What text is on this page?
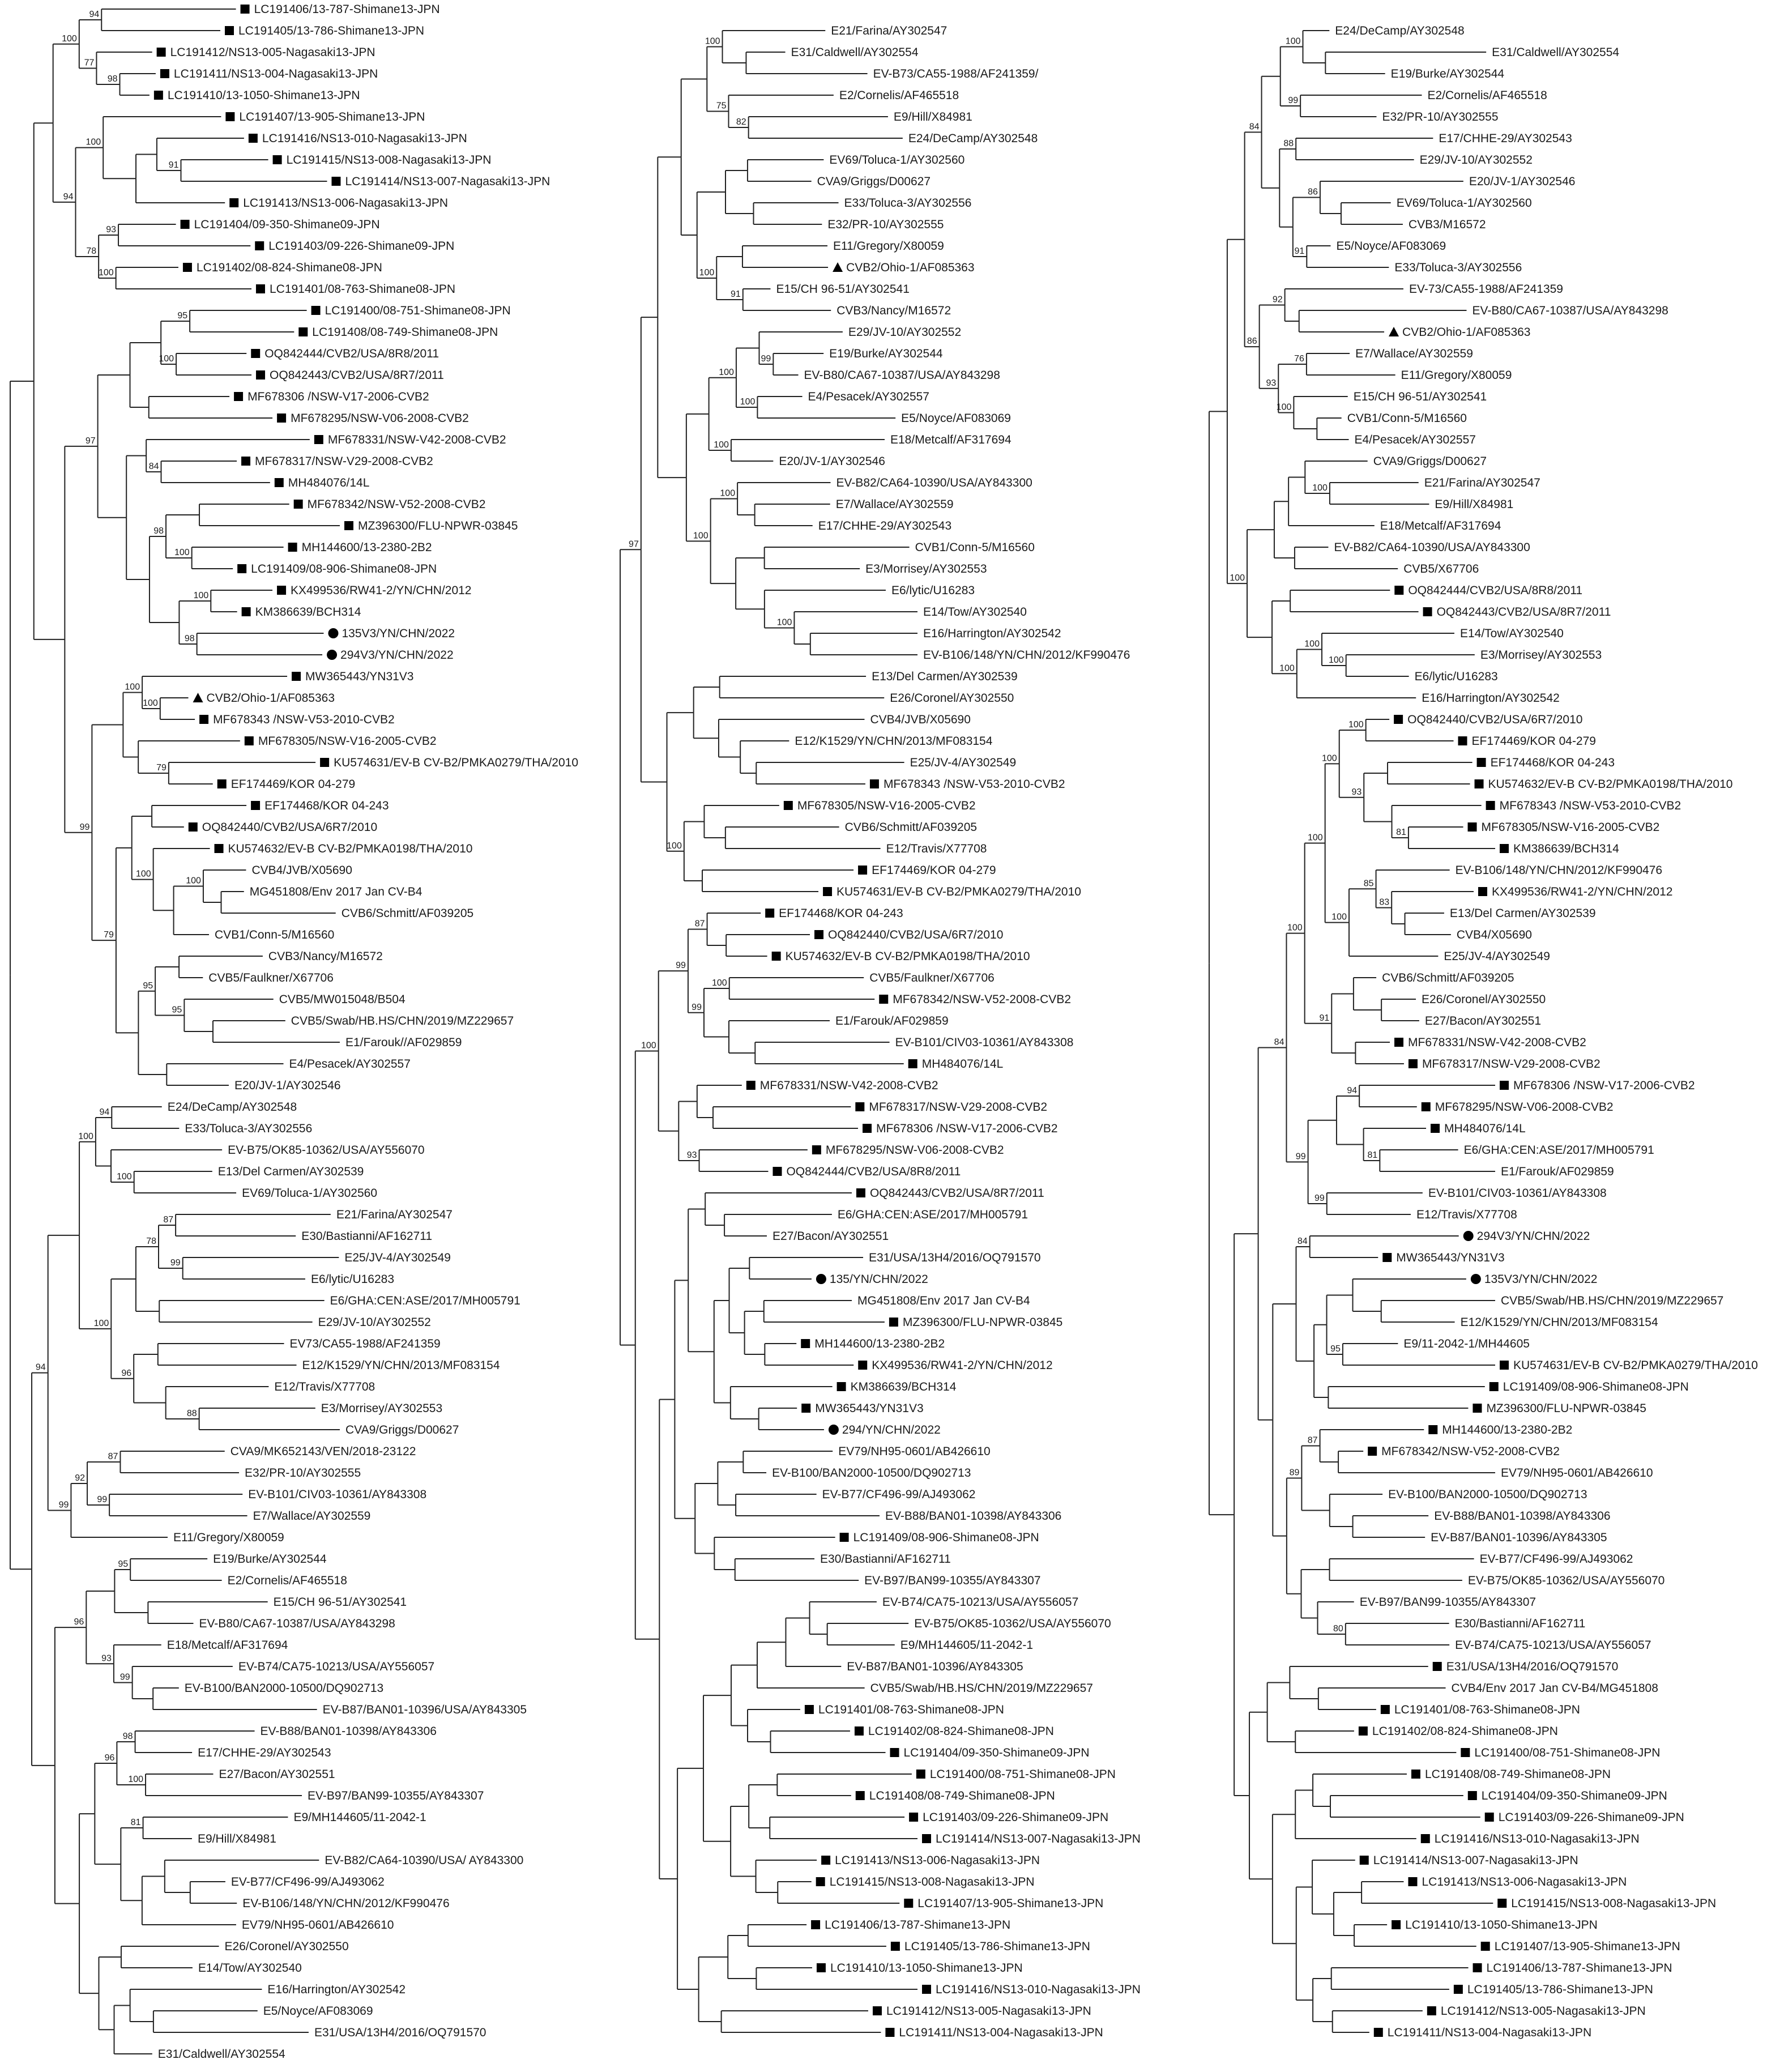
94
98
77
100
91
100
93
100
78
94
95
100
84
100
98
100
98
97
100
100
79
100
100
95
95
79
99
94
100
100
87
99
78
88
96
100
87
99
92
99
94
95
99
93
96
98
100
96
81
LC191406/13-787-Shimane13-JPN
LC191405/13-786-Shimane13-JPN
LC191412/NS13-005-Nagasaki13-JPN
LC191411/NS13-004-Nagasaki13-JPN
LC191410/13-1050-Shimane13-JPN
LC191407/13-905-Shimane13-JPN
LC191416/NS13-010-Nagasaki13-JPN
LC191415/NS13-008-Nagasaki13-JPN
LC191414/NS13-007-Nagasaki13-JPN
LC191413/NS13-006-Nagasaki13-JPN
LC191404/09-350-Shimane09-JPN
LC191403/09-226-Shimane09-JPN
LC191402/08-824-Shimane08-JPN
LC191401/08-763-Shimane08-JPN
LC191400/08-751-Shimane08-JPN
LC191408/08-749-Shimane08-JPN
OQ842444/CVB2/USA/8R8/2011
OQ842443/CVB2/USA/8R7/2011
MF678306 /NSW-V17-2006-CVB2
MF678295/NSW-V06-2008-CVB2
MF678331/NSW-V42-2008-CVB2
MF678317/NSW-V29-2008-CVB2
MH484076/14L
MF678342/NSW-V52-2008-CVB2
MZ396300/FLU-NPWR-03845
MH144600/13-2380-2B2
LC191409/08-906-Shimane08-JPN
KX499536/RW41-2/YN/CHN/2012
KM386639/BCH314
135V3/YN/CHN/2022
294V3/YN/CHN/2022
MW365443/YN31V3
CVB2/Ohio-1/AF085363
MF678343 /NSW-V53-2010-CVB2
MF678305/NSW-V16-2005-CVB2
KU574631/EV-B CV-B2/PMKA0279/THA/2010
EF174469/KOR 04-279
EF174468/KOR 04-243
OQ842440/CVB2/USA/6R7/2010
KU574632/EV-B CV-B2/PMKA0198/THA/2010
CVB4/JVB/X05690
MG451808/Env 2017 Jan CV-B4
CVB6/Schmitt/AF039205
CVB1/Conn-5/M16560
CVB3/Nancy/M16572
CVB5/Faulkner/X67706
CVB5/MW015048/B504
CVB5/Swab/HB.HS/CHN/2019/MZ229657
E1/Farouk//AF029859
E4/Pesacek/AY302557
E20/JV-1/AY302546
E24/DeCamp/AY302548
E33/Toluca-3/AY302556
EV-B75/OK85-10362/USA/AY556070
E13/Del Carmen/AY302539
EV69/Toluca-1/AY302560
E21/Farina/AY302547
E30/Bastianni/AF162711
E25/JV-4/AY302549
E6/lytic/U16283
E6/GHA:CEN:ASE/2017/MH005791
E29/JV-10/AY302552
EV73/CA55-1988/AF241359
E12/K1529/YN/CHN/2013/MF083154
E12/Travis/X77708
E3/Morrisey/AY302553
CVA9/Griggs/D00627
CVA9/MK652143/VEN/2018-23122
E32/PR-10/AY302555
EV-B101/CIV03-10361/AY843308
E7/Wallace/AY302559
E11/Gregory/X80059
E19/Burke/AY302544
E2/Cornelis/AF465518
E15/CH 96-51/AY302541
EV-B80/CA67-10387/USA/AY843298
E18/Metcalf/AF317694
EV-B74/CA75-10213/USA/AY556057
EV-B100/BAN2000-10500/DQ902713
EV-B87/BAN01-10396/USA/AY843305
EV-B88/BAN01-10398/AY843306
E17/CHHE-29/AY302543
E27/Bacon/AY302551
EV-B97/BAN99-10355/AY843307
E9/MH144605/11-2042-1
E9/Hill/X84981
EV-B82/CA64-10390/USA/ AY843300
EV-B77/CF496-99/AJ493062
EV-B106/148/YN/CHN/2012/KF990476
EV79/NH95-0601/AB426610
E26/Coronel/AY302550
E14/Tow/AY302540
E16/Harrington/AY302542
E5/Noyce/AF083069
E31/USA/13H4/2016/OQ791570
E31/Caldwell/AY302554
100
82
75
91
100
99
100
100
100
100
100
100
100
97
87
100
99
99
93
100
E21/Farina/AY302547
E31/Caldwell/AY302554
EV-B73/CA55-1988/AF241359/
E2/Cornelis/AF465518
E9/Hill/X84981
E24/DeCamp/AY302548
EV69/Toluca-1/AY302560
CVA9/Griggs/D00627
E33/Toluca-3/AY302556
E32/PR-10/AY302555
E11/Gregory/X80059
CVB2/Ohio-1/AF085363
E15/CH 96-51/AY302541
CVB3/Nancy/M16572
E29/JV-10/AY302552
E19/Burke/AY302544
EV-B80/CA67-10387/USA/AY843298
E4/Pesacek/AY302557
E5/Noyce/AF083069
E18/Metcalf/AF317694
E20/JV-1/AY302546
EV-B82/CA64-10390/USA/AY843300
E7/Wallace/AY302559
E17/CHHE-29/AY302543
CVB1/Conn-5/M16560
E3/Morrisey/AY302553
E6/lytic/U16283
E14/Tow/AY302540
E16/Harrington/AY302542
EV-B106/148/YN/CHN/2012/KF990476
E13/Del Carmen/AY302539
E26/Coronel/AY302550
CVB4/JVB/X05690
E12/K1529/YN/CHN/2013/MF083154
E25/JV-4/AY302549
MF678343 /NSW-V53-2010-CVB2
MF678305/NSW-V16-2005-CVB2
CVB6/Schmitt/AF039205
E12/Travis/X77708
EF174469/KOR 04-279
KU574631/EV-B CV-B2/PMKA0279/THA/2010
EF174468/KOR 04-243
OQ842440/CVB2/USA/6R7/2010
KU574632/EV-B CV-B2/PMKA0198/THA/2010
CVB5/Faulkner/X67706
MF678342/NSW-V52-2008-CVB2
E1/Farouk/AF029859
EV-B101/CIV03-10361/AY843308
MH484076/14L
MF678331/NSW-V42-2008-CVB2
MF678317/NSW-V29-2008-CVB2
MF678306 /NSW-V17-2006-CVB2
MF678295/NSW-V06-2008-CVB2
OQ842444/CVB2/USA/8R8/2011
OQ842443/CVB2/USA/8R7/2011
E6/GHA:CEN:ASE/2017/MH005791
E27/Bacon/AY302551
E31/USA/13H4/2016/OQ791570
135/YN/CHN/2022
MG451808/Env 2017 Jan CV-B4
MZ396300/FLU-NPWR-03845
MH144600/13-2380-2B2
KX499536/RW41-2/YN/CHN/2012
KM386639/BCH314
MW365443/YN31V3
294/YN/CHN/2022
EV79/NH95-0601/AB426610
EV-B100/BAN2000-10500/DQ902713
EV-B77/CF496-99/AJ493062
EV-B88/BAN01-10398/AY843306
LC191409/08-906-Shimane08-JPN
E30/Bastianni/AF162711
EV-B97/BAN99-10355/AY843307
EV-B74/CA75-10213/USA/AY556057
EV-B75/OK85-10362/USA/AY556070
E9/MH144605/11-2042-1
EV-B87/BAN01-10396/AY843305
CVB5/Swab/HB.HS/CHN/2019/MZ229657
LC191401/08-763-Shimane08-JPN
LC191402/08-824-Shimane08-JPN
LC191404/09-350-Shimane09-JPN
LC191400/08-751-Shimane08-JPN
LC191408/08-749-Shimane08-JPN
LC191403/09-226-Shimane09-JPN
LC191414/NS13-007-Nagasaki13-JPN
LC191413/NS13-006-Nagasaki13-JPN
LC191415/NS13-008-Nagasaki13-JPN
LC191407/13-905-Shimane13-JPN
LC191406/13-787-Shimane13-JPN
LC191405/13-786-Shimane13-JPN
LC191410/13-1050-Shimane13-JPN
LC191416/NS13-010-Nagasaki13-JPN
LC191412/NS13-005-Nagasaki13-JPN
LC191411/NS13-004-Nagasaki13-JPN
100
99
88
86
91
84
92
76
100
93
86
100
100
100
100
100
100
81
93
100
83
85
100
100
91
100
94
81
99
99
84
84
95
87
89
80
E24/DeCamp/AY302548
E31/Caldwell/AY302554
E19/Burke/AY302544
E2/Cornelis/AF465518
E32/PR-10/AY302555
E17/CHHE-29/AY302543
E29/JV-10/AY302552
E20/JV-1/AY302546
EV69/Toluca-1/AY302560
CVB3/M16572
E5/Noyce/AF083069
E33/Toluca-3/AY302556
EV-73/CA55-1988/AF241359
EV-B80/CA67-10387/USA/AY843298
CVB2/Ohio-1/AF085363
E7/Wallace/AY302559
E11/Gregory/X80059
E15/CH 96-51/AY302541
CVB1/Conn-5/M16560
E4/Pesacek/AY302557
CVA9/Griggs/D00627
E21/Farina/AY302547
E9/Hill/X84981
E18/Metcalf/AF317694
EV-B82/CA64-10390/USA/AY843300
CVB5/X67706
OQ842444/CVB2/USA/8R8/2011
OQ842443/CVB2/USA/8R7/2011
E14/Tow/AY302540
E3/Morrisey/AY302553
E6/lytic/U16283
E16/Harrington/AY302542
OQ842440/CVB2/USA/6R7/2010
EF174469/KOR 04-279
EF174468/KOR 04-243
KU574632/EV-B CV-B2/PMKA0198/THA/2010
MF678343 /NSW-V53-2010-CVB2
MF678305/NSW-V16-2005-CVB2
KM386639/BCH314
EV-B106/148/YN/CHN/2012/KF990476
KX499536/RW41-2/YN/CHN/2012
E13/Del Carmen/AY302539
CVB4/X05690
E25/JV-4/AY302549
CVB6/Schmitt/AF039205
E26/Coronel/AY302550
E27/Bacon/AY302551
MF678331/NSW-V42-2008-CVB2
MF678317/NSW-V29-2008-CVB2
MF678306 /NSW-V17-2006-CVB2
MF678295/NSW-V06-2008-CVB2
MH484076/14L
E6/GHA:CEN:ASE/2017/MH005791
E1/Farouk/AF029859
EV-B101/CIV03-10361/AY843308
E12/Travis/X77708
294V3/YN/CHN/2022
MW365443/YN31V3
135V3/YN/CHN/2022
CVB5/Swab/HB.HS/CHN/2019/MZ229657
E12/K1529/YN/CHN/2013/MF083154
E9/11-2042-1/MH44605
KU574631/EV-B CV-B2/PMKA0279/THA/2010
LC191409/08-906-Shimane08-JPN
MZ396300/FLU-NPWR-03845
MH144600/13-2380-2B2
MF678342/NSW-V52-2008-CVB2
EV79/NH95-0601/AB426610
EV-B100/BAN2000-10500/DQ902713
EV-B88/BAN01-10398/AY843306
EV-B87/BAN01-10396/AY843305
EV-B77/CF496-99/AJ493062
EV-B75/OK85-10362/USA/AY556070
EV-B97/BAN99-10355/AY843307
E30/Bastianni/AF162711
EV-B74/CA75-10213/USA/AY556057
E31/USA/13H4/2016/OQ791570
CVB4/Env 2017 Jan CV-B4/MG451808
LC191401/08-763-Shimane08-JPN
LC191402/08-824-Shimane08-JPN
LC191400/08-751-Shimane08-JPN
LC191408/08-749-Shimane08-JPN
LC191404/09-350-Shimane09-JPN
LC191403/09-226-Shimane09-JPN
LC191416/NS13-010-Nagasaki13-JPN
LC191414/NS13-007-Nagasaki13-JPN
LC191413/NS13-006-Nagasaki13-JPN
LC191415/NS13-008-Nagasaki13-JPN
LC191410/13-1050-Shimane13-JPN
LC191407/13-905-Shimane13-JPN
LC191406/13-787-Shimane13-JPN
LC191405/13-786-Shimane13-JPN
LC191412/NS13-005-Nagasaki13-JPN
LC191411/NS13-004-Nagasaki13-JPN
